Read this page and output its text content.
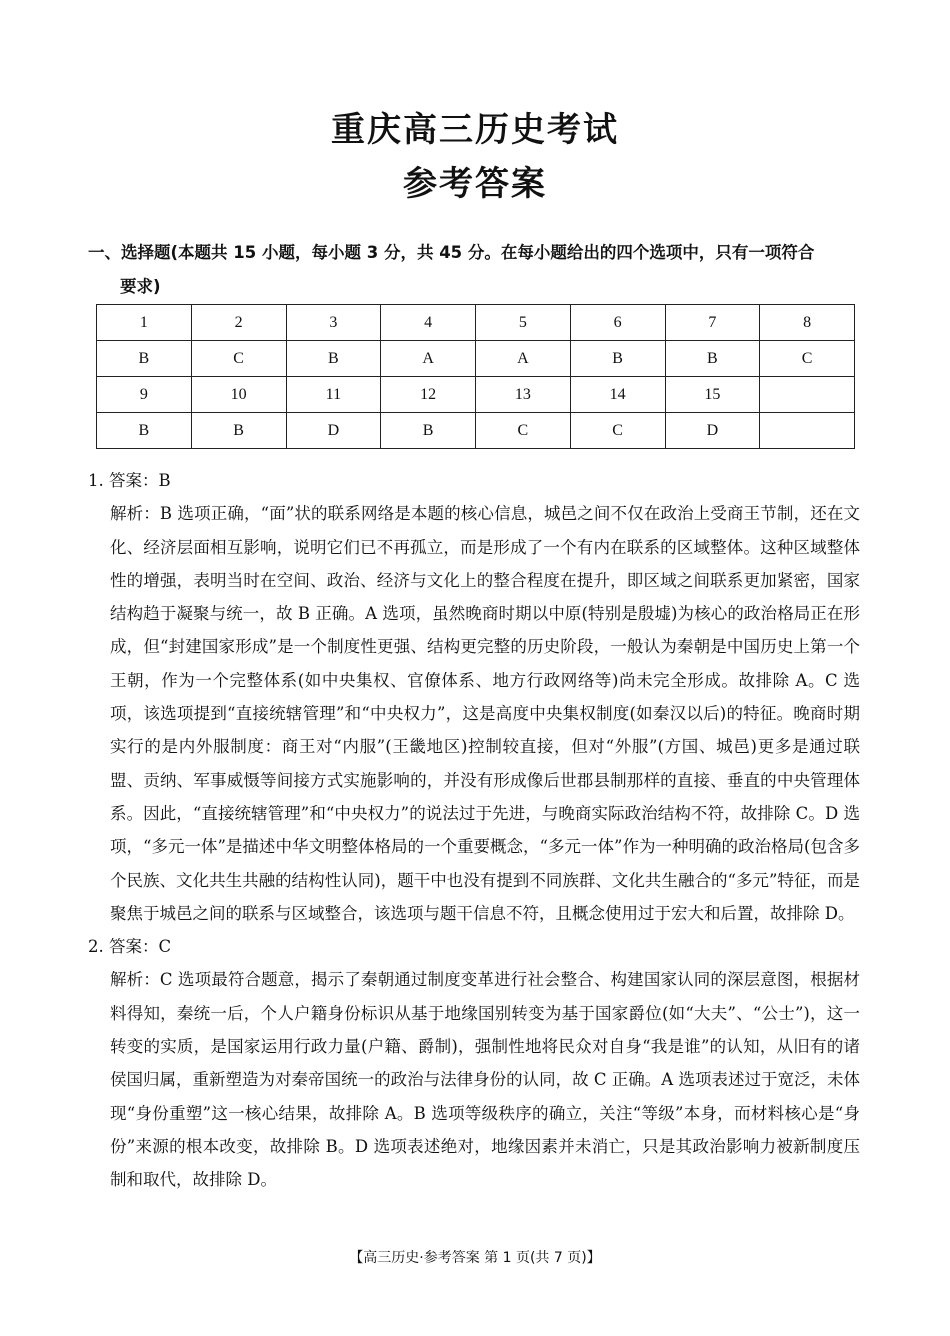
重庆高三历史考试
参考答案
一、选择题(本题共 15 小题，每小题 3 分，共 45 分。在每小题给出的四个选项中，只有一项符合
要求)
1	2	3	4	5	6	7	8
B	C	B	A	A	B	B	C
9	10	11	12	13	14	15	
B	B	D	B	C	C	D	

1. 答案：B

解析：B 选项正确，“面”状的联系网络是本题的核心信息，城邑之间不仅在政治上受商王节制，还在文化、经济层面相互影响，说明它们已不再孤立，而是形成了一个有内在联系的区域整体。这种区域整体性的增强，表明当时在空间、政治、经济与文化上的整合程度在提升，即区域之间联系更加紧密，国家结构趋于凝聚与统一，故 B 正确。A 选项，虽然晚商时期以中原(特别是殷墟)为核心的政治格局正在形成，但“封建国家形成”是一个制度性更强、结构更完整的历史阶段，一般认为秦朝是中国历史上第一个王朝，作为一个完整体系(如中央集权、官僚体系、地方行政网络等)尚未完全形成。故排除 A。C 选项，该选项提到“直接统辖管理”和“中央权力”，这是高度中央集权制度(如秦汉以后)的特征。晚商时期实行的是内外服制度：商王对“内服”(王畿地区)控制较直接，但对“外服”(方国、城邑)更多是通过联盟、贡纳、军事威慑等间接方式实施影响的，并没有形成像后世郡县制那样的直接、垂直的中央管理体系。因此，“直接统辖管理”和“中央权力”的说法过于先进，与晚商实际政治结构不符，故排除 C。D 选项，“多元一体”是描述中华文明整体格局的一个重要概念，“多元一体”作为一种明确的政治格局(包含多个民族、文化共生共融的结构性认同)，题干中也没有提到不同族群、文化共生融合的“多元”特征，而是聚焦于城邑之间的联系与区域整合，该选项与题干信息不符，且概念使用过于宏大和后置，故排除 D。

2. 答案：C

解析：C 选项最符合题意，揭示了秦朝通过制度变革进行社会整合、构建国家认同的深层意图，根据材料得知，秦统一后，个人户籍身份标识从基于地缘国别转变为基于国家爵位(如“大夫”、“公士”)，这一转变的实质，是国家运用行政力量(户籍、爵制)，强制性地将民众对自身“我是谁”的认知，从旧有的诸侯国归属，重新塑造为对秦帝国统一的政治与法律身份的认同，故 C 正确。A 选项表述过于宽泛，未体现“身份重塑”这一核心结果，故排除 A。B 选项等级秩序的确立，关注“等级”本身，而材料核心是“身份”来源的根本改变，故排除 B。D 选项表述绝对，地缘因素并未消亡，只是其政治影响力被新制度压制和取代，故排除 D。

【高三历史·参考答案 第 1 页(共 7 页)】
